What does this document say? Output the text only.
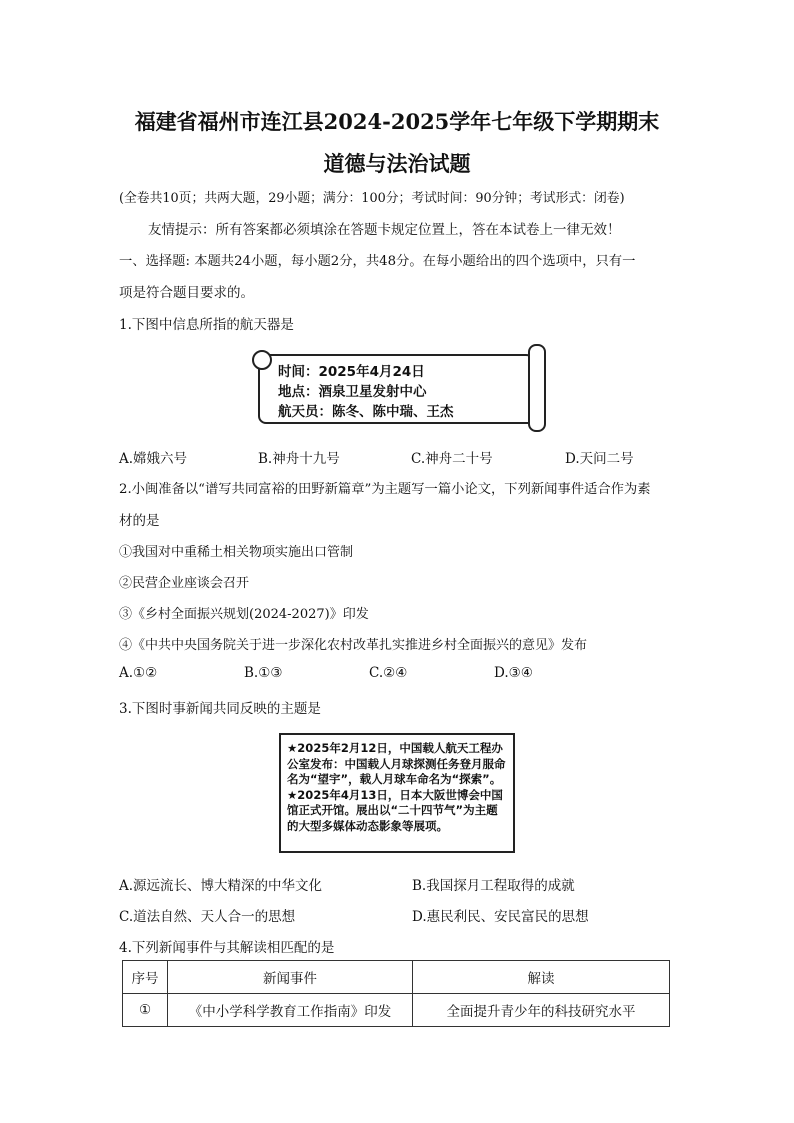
福建省福州市连江县2024-2025学年七年级下学期期末
道德与法治试题
(全卷共10页；共两大题，29小题；满分：100分；考试时间：90分钟；考试形式：闭卷)
友情提示：所有答案都必须填涂在答题卡规定位置上，答在本试卷上一律无效！
一、选择题: 本题共24小题，每小题2分，共48分。在每小题给出的四个选项中，只有一
项是符合题目要求的。
1.下图中信息所指的航天器是
时间：2025年4月24日
地点：酒泉卫星发射中心
航天员：陈冬、陈中瑞、王杰
A.嫦娥六号	B.神舟十九号	C.神舟二十号	D.天问二号
2.小闽准备以“谱写共同富裕的田野新篇章”为主题写一篇小论文，下列新闻事件适合作为素
材的是
①我国对中重稀土相关物项实施出口管制
②民营企业座谈会召开
③《乡村全面振兴规划(2024-2027)》印发
④《中共中央国务院关于进一步深化农村改革扎实推进乡村全面振兴的意见》发布
A.①②	B.①③	C.②④	D.③④
3.下图时事新闻共同反映的主题是
★2025年2月12日，中国载人航天工程办公室发布：中国载人月球探测任务登月服命名为“望宇”，载人月球车命名为“探索”。
★2025年4月13日，日本大阪世博会中国馆正式开馆。展出以“二十四节气”为主题的大型多媒体动态影象等展项。
A.源远流长、博大精深的中华文化	B.我国探月工程取得的成就
C.道法自然、天人合一的思想	D.惠民利民、安民富民的思想
4.下列新闻事件与其解读相匹配的是
序号	新闻事件	解读
①	《中小学科学教育工作指南》印发	全面提升青少年的科技研究水平
